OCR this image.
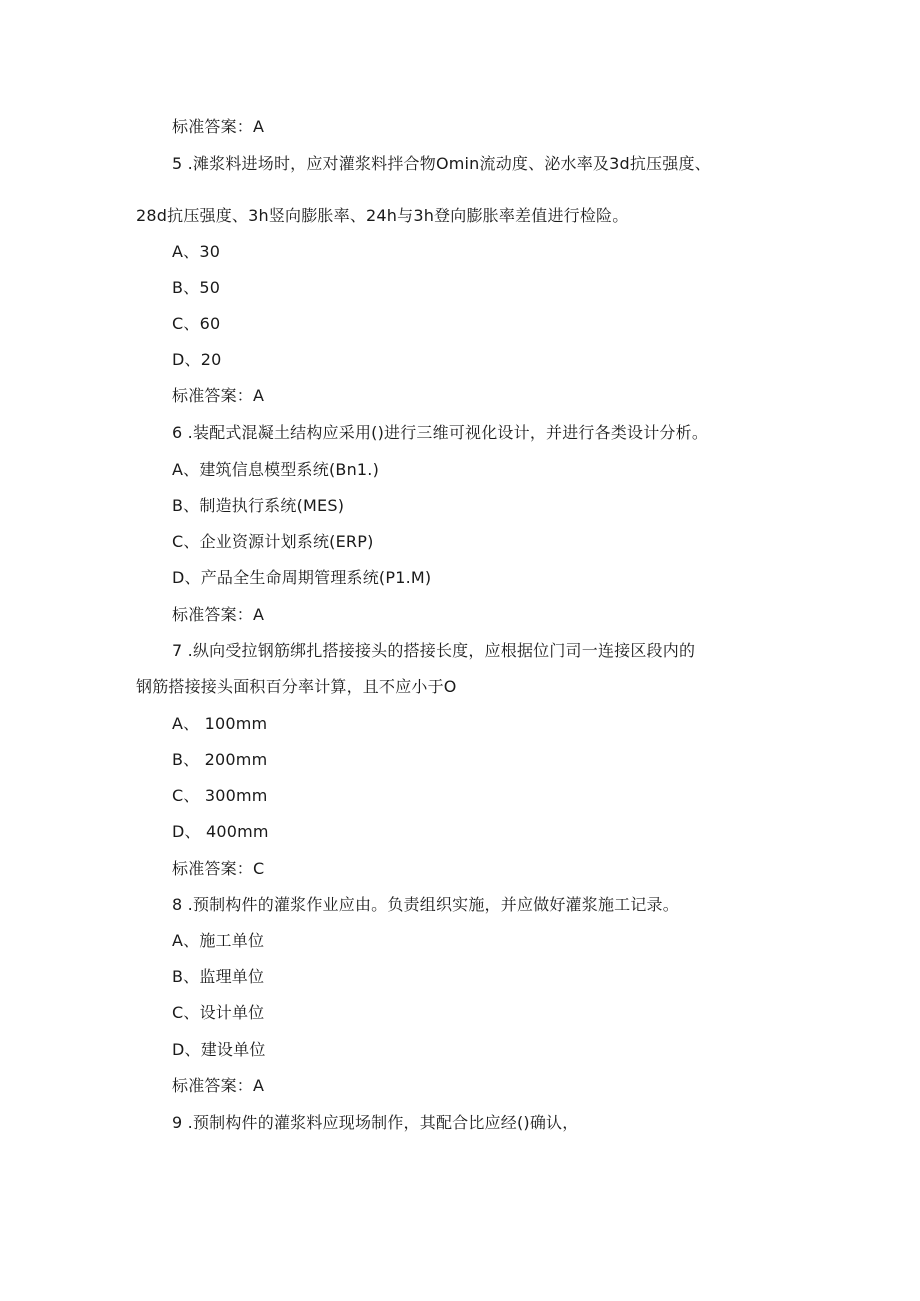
标准答案：A
5 .滩浆料进场时，应对灌浆料拌合物Omin流动度、泌水率及3d抗压强度、
28d抗压强度、3h竖向膨胀率、24h与3h登向膨胀率差值进行检险。
A、30
B、50
C、60
D、20
标准答案：A
6 .装配式混凝土结构应采用()进行三维可视化设计，并进行各类设计分析。
A、建筑信息模型系统(Bn1.)
B、制造执行系统(MES)
C、企业资源计划系统(ERP)
D、产品全生命周期管理系统(P1.M)
标准答案：A
7 .纵向受拉钢筋绑扎搭接接头的搭接长度，应根据位门司一连接区段内的
钢筋搭接接头面积百分率计算，且不应小于O
A、 100mm
B、 200mm
C、 300mm
D、 400mm
标准答案：C
8 .预制构件的灌浆作业应由。负责组织实施，并应做好灌浆施工记录。
A、施工单位
B、监理单位
C、设计单位
D、建设单位
标准答案：A
9 .预制构件的灌浆料应现场制作，其配合比应经()确认，
